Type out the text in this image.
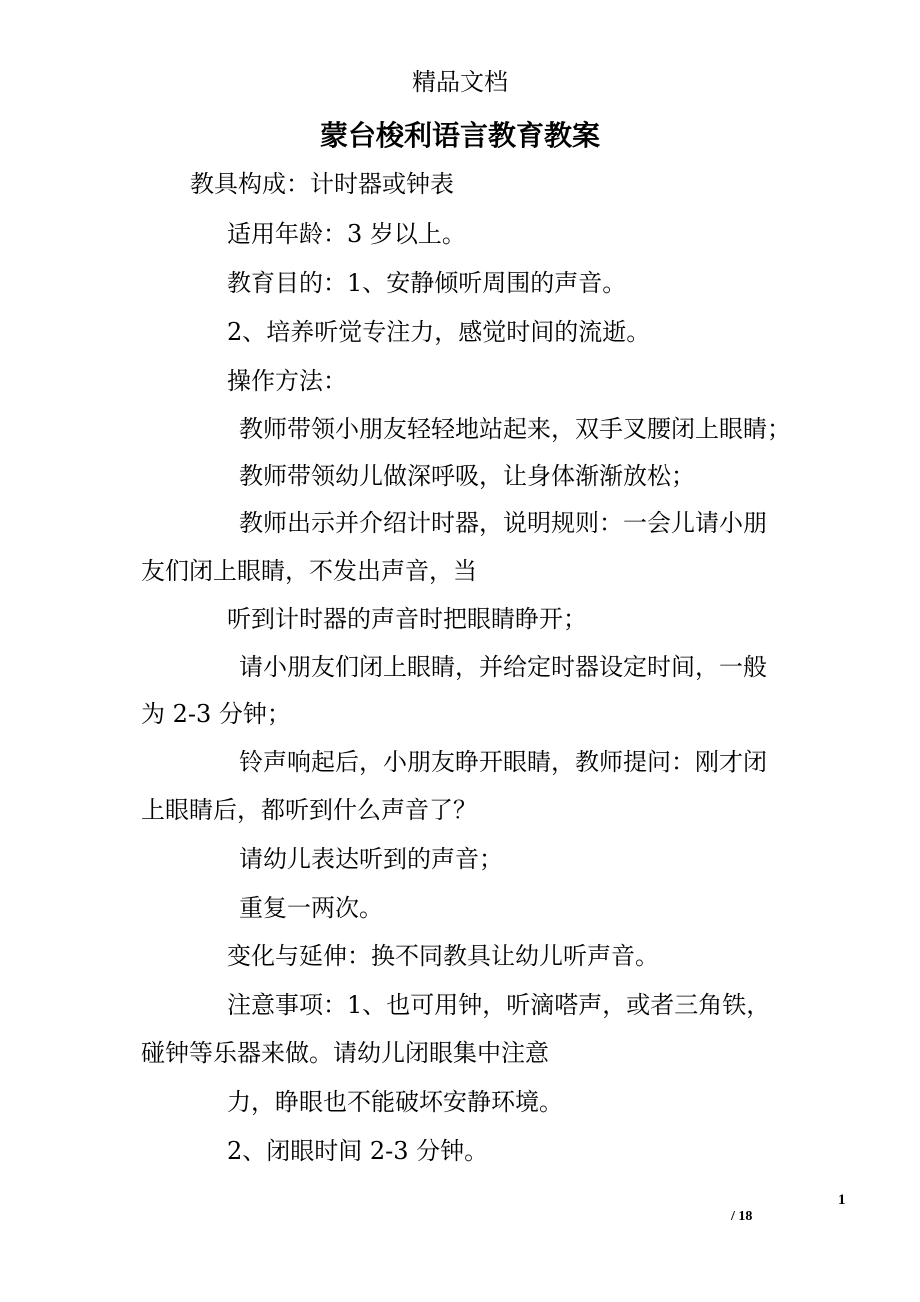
精品文档
蒙台梭利语言教育教案
教具构成：计时器或钟表
适用年龄：3 岁以上。
教育目的：1、安静倾听周围的声音。
2、培养听觉专注力，感觉时间的流逝。
操作方法：
教师带领小朋友轻轻地站起来，双手叉腰闭上眼睛；
教师带领幼儿做深呼吸，让身体渐渐放松；
教师出示并介绍计时器，说明规则：一会儿请小朋
友们闭上眼睛，不发出声音，当
听到计时器的声音时把眼睛睁开；
请小朋友们闭上眼睛，并给定时器设定时间，一般
为 2-3 分钟；
铃声响起后，小朋友睁开眼睛，教师提问：刚才闭
上眼睛后，都听到什么声音了？
请幼儿表达听到的声音；
重复一两次。
变化与延伸：换不同教具让幼儿听声音。
注意事项：1、也可用钟，听滴嗒声，或者三角铁，
碰钟等乐器来做。请幼儿闭眼集中注意
力，睁眼也不能破坏安静环境。
2、闭眼时间 2-3 分钟。
1
/ 18
